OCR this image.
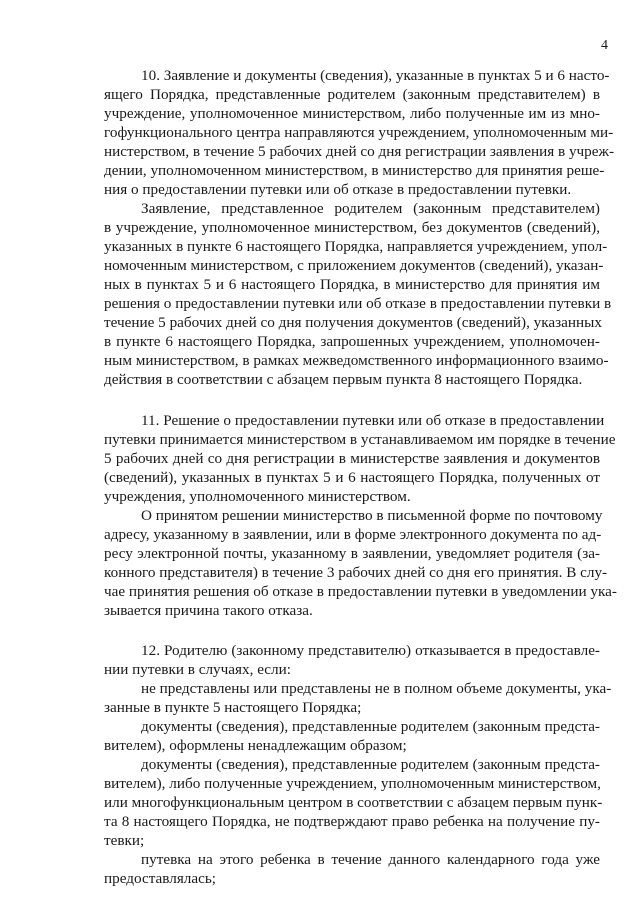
4
10. Заявление и документы (сведения), указанные в пунктах 5 и 6 насто-
ящего Порядка, представленные родителем (законным представителем) в
учреждение, уполномоченное министерством, либо полученные им из мно-
гофункционального центра направляются учреждением, уполномоченным ми-
нистерством, в течение 5 рабочих дней со дня регистрации заявления в учреж-
дении, уполномоченном министерством, в министерство для принятия реше-
ния о предоставлении путевки или об отказе в предоставлении путевки.
Заявление, представленное родителем (законным представителем)
в учреждение, уполномоченное министерством, без документов (сведений),
указанных в пункте 6 настоящего Порядка, направляется учреждением, упол-
номоченным министерством, с приложением документов (сведений), указан-
ных в пунктах 5 и 6 настоящего Порядка, в министерство для принятия им
решения о предоставлении путевки или об отказе в предоставлении путевки в
течение 5 рабочих дней со дня получения документов (сведений), указанных
в пункте 6 настоящего Порядка, запрошенных учреждением, уполномочен-
ным министерством, в рамках межведомственного информационного взаимо-
действия в соответствии с абзацем первым пункта 8 настоящего Порядка.
11. Решение о предоставлении путевки или об отказе в предоставлении
путевки принимается министерством в устанавливаемом им порядке в течение
5 рабочих дней со дня регистрации в министерстве заявления и документов
(сведений), указанных в пунктах 5 и 6 настоящего Порядка, полученных от
учреждения, уполномоченного министерством.
О принятом решении министерство в письменной форме по почтовому
адресу, указанному в заявлении, или в форме электронного документа по ад-
ресу электронной почты, указанному в заявлении, уведомляет родителя (за-
конного представителя) в течение 3 рабочих дней со дня его принятия. В слу-
чае принятия решения об отказе в предоставлении путевки в уведомлении ука-
зывается причина такого отказа.
12. Родителю (законному представителю) отказывается в предоставле-
нии путевки в случаях, если:
не представлены или представлены не в полном объеме документы, ука-
занные в пункте 5 настоящего Порядка;
документы (сведения), представленные родителем (законным предста-
вителем), оформлены ненадлежащим образом;
документы (сведения), представленные родителем (законным предста-
вителем), либо полученные учреждением, уполномоченным министерством,
или многофункциональным центром в соответствии с абзацем первым пунк-
та 8 настоящего Порядка, не подтверждают право ребенка на получение пу-
тевки;
путевка на этого ребенка в течение данного календарного года уже
предоставлялась;
